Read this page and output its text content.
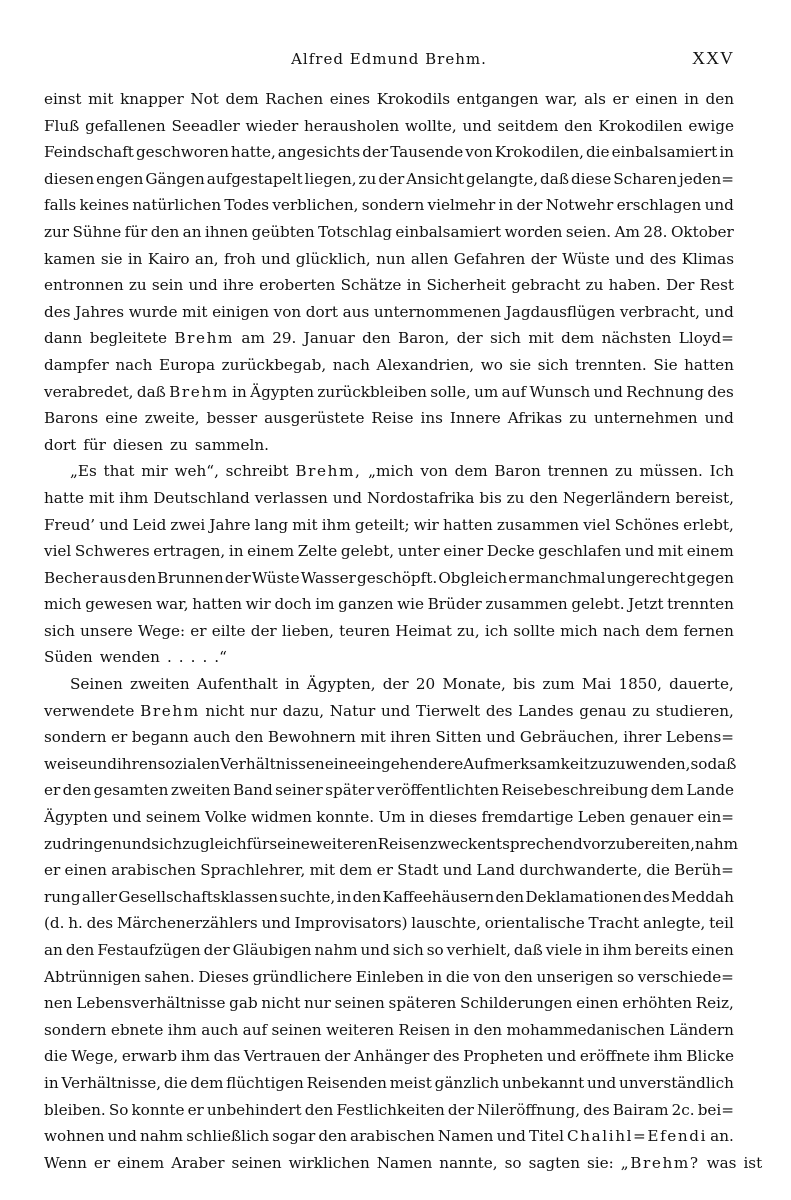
Alfred Edmund Brehm.	XXV
einst mit knapper Not dem Rachen eines Krokodils entgangen war, als er einen in den
Fluß gefallenen Seeadler wieder herausholen wollte, und seitdem den Krokodilen ewige
Feindschaft geschworen hatte, angesichts der Tausende von Krokodilen, die einbalsamiert in
diesen engen Gängen aufgestapelt liegen, zu der Ansicht gelangte, daß diese Scharen jeden=
falls keines natürlichen Todes verblichen, sondern vielmehr in der Notwehr erschlagen und
zur Sühne für den an ihnen geübten Totschlag einbalsamiert worden seien. Am 28. Oktober
kamen sie in Kairo an, froh und glücklich, nun allen Gefahren der Wüste und des Klimas
entronnen zu sein und ihre eroberten Schätze in Sicherheit gebracht zu haben. Der Rest
des Jahres wurde mit einigen von dort aus unternommenen Jagdausflügen verbracht, und
dann begleitete Brehm am 29. Januar den Baron, der sich mit dem nächsten Lloyd=
dampfer nach Europa zurückbegab, nach Alexandrien, wo sie sich trennten. Sie hatten
verabredet, daß Brehm in Ägypten zurückbleiben solle, um auf Wunsch und Rechnung des
Barons eine zweite, besser ausgerüstete Reise ins Innere Afrikas zu unternehmen und
dort für diesen zu sammeln.
„Es that mir weh“, schreibt Brehm, „mich von dem Baron trennen zu müssen. Ich
hatte mit ihm Deutschland verlassen und Nordostafrika bis zu den Negerländern bereist,
Freud’ und Leid zwei Jahre lang mit ihm geteilt; wir hatten zusammen viel Schönes erlebt,
viel Schweres ertragen, in einem Zelte gelebt, unter einer Decke geschlafen und mit einem
Becher aus den Brunnen der Wüste Wasser geschöpft. Obgleich er manchmal ungerecht gegen
mich gewesen war, hatten wir doch im ganzen wie Brüder zusammen gelebt. Jetzt trennten
sich unsere Wege: er eilte der lieben, teuren Heimat zu, ich sollte mich nach dem fernen
Süden wenden . . . . .“
Seinen zweiten Aufenthalt in Ägypten, der 20 Monate, bis zum Mai 1850, dauerte,
verwendete Brehm nicht nur dazu, Natur und Tierwelt des Landes genau zu studieren,
sondern er begann auch den Bewohnern mit ihren Sitten und Gebräuchen, ihrer Lebens=
weise und ihren sozialen Verhältnissen eine eingehendere Aufmerksamkeit zuzuwenden, so daß
er den gesamten zweiten Band seiner später veröffentlichten Reisebeschreibung dem Lande
Ägypten und seinem Volke widmen konnte. Um in dieses fremdartige Leben genauer ein=
zudringen und sich zugleich für seine weiteren Reisen zweckentsprechend vorzubereiten, nahm
er einen arabischen Sprachlehrer, mit dem er Stadt und Land durchwanderte, die Berüh=
rung aller Gesellschaftsklassen suchte, in den Kaffeehäusern den Deklamationen des Meddah
(d. h. des Märchenerzählers und Improvisators) lauschte, orientalische Tracht anlegte, teil
an den Festaufzügen der Gläubigen nahm und sich so verhielt, daß viele in ihm bereits einen
Abtrünnigen sahen. Dieses gründlichere Einleben in die von den unserigen so verschiede=
nen Lebensverhältnisse gab nicht nur seinen späteren Schilderungen einen erhöhten Reiz,
sondern ebnete ihm auch auf seinen weiteren Reisen in den mohammedanischen Ländern
die Wege, erwarb ihm das Vertrauen der Anhänger des Propheten und eröffnete ihm Blicke
in Verhältnisse, die dem flüchtigen Reisenden meist gänzlich unbekannt und unverständlich
bleiben. So konnte er unbehindert den Festlichkeiten der Nileröffnung, des Bairam 2c. bei=
wohnen und nahm schließlich sogar den arabischen Namen und Titel Chalihl=Efendi an.
Wenn er einem Araber seinen wirklichen Namen nannte, so sagten sie: „Brehm? was ist
